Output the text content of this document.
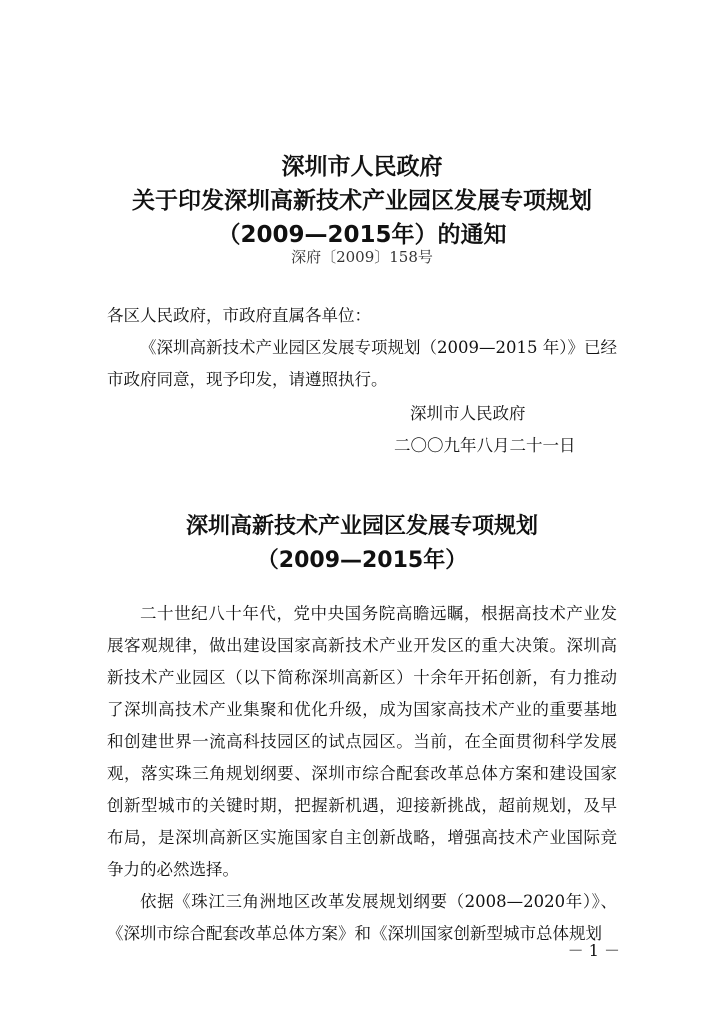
深圳市人民政府
关于印发深圳高新技术产业园区发展专项规划
（2009—2015年）的通知
深府〔2009〕158号
各区人民政府，市政府直属各单位：
《深圳高新技术产业园区发展专项规划（2009—2015 年）》已经市政府同意，现予印发，请遵照执行。
深圳市人民政府
二〇〇九年八月二十一日
深圳高新技术产业园区发展专项规划
（2009—2015年）

二十世纪八十年代，党中央国务院高瞻远瞩，根据高技术产业发展客观规律，做出建设国家高新技术产业开发区的重大决策。深圳高新技术产业园区（以下简称深圳高新区）十余年开拓创新，有力推动了深圳高技术产业集聚和优化升级，成为国家高技术产业的重要基地和创建世界一流高科技园区的试点园区。当前，在全面贯彻科学发展观，落实珠三角规划纲要、深圳市综合配套改革总体方案和建设国家创新型城市的关键时期，把握新机遇，迎接新挑战，超前规划，及早布局，是深圳高新区实施国家自主创新战略，增强高技术产业国际竞争力的必然选择。

依据《珠江三角洲地区改革发展规划纲要（2008—2020年）》、《深圳市综合配套改革总体方案》和《深圳国家创新型城市总体规划

－ 1 －
